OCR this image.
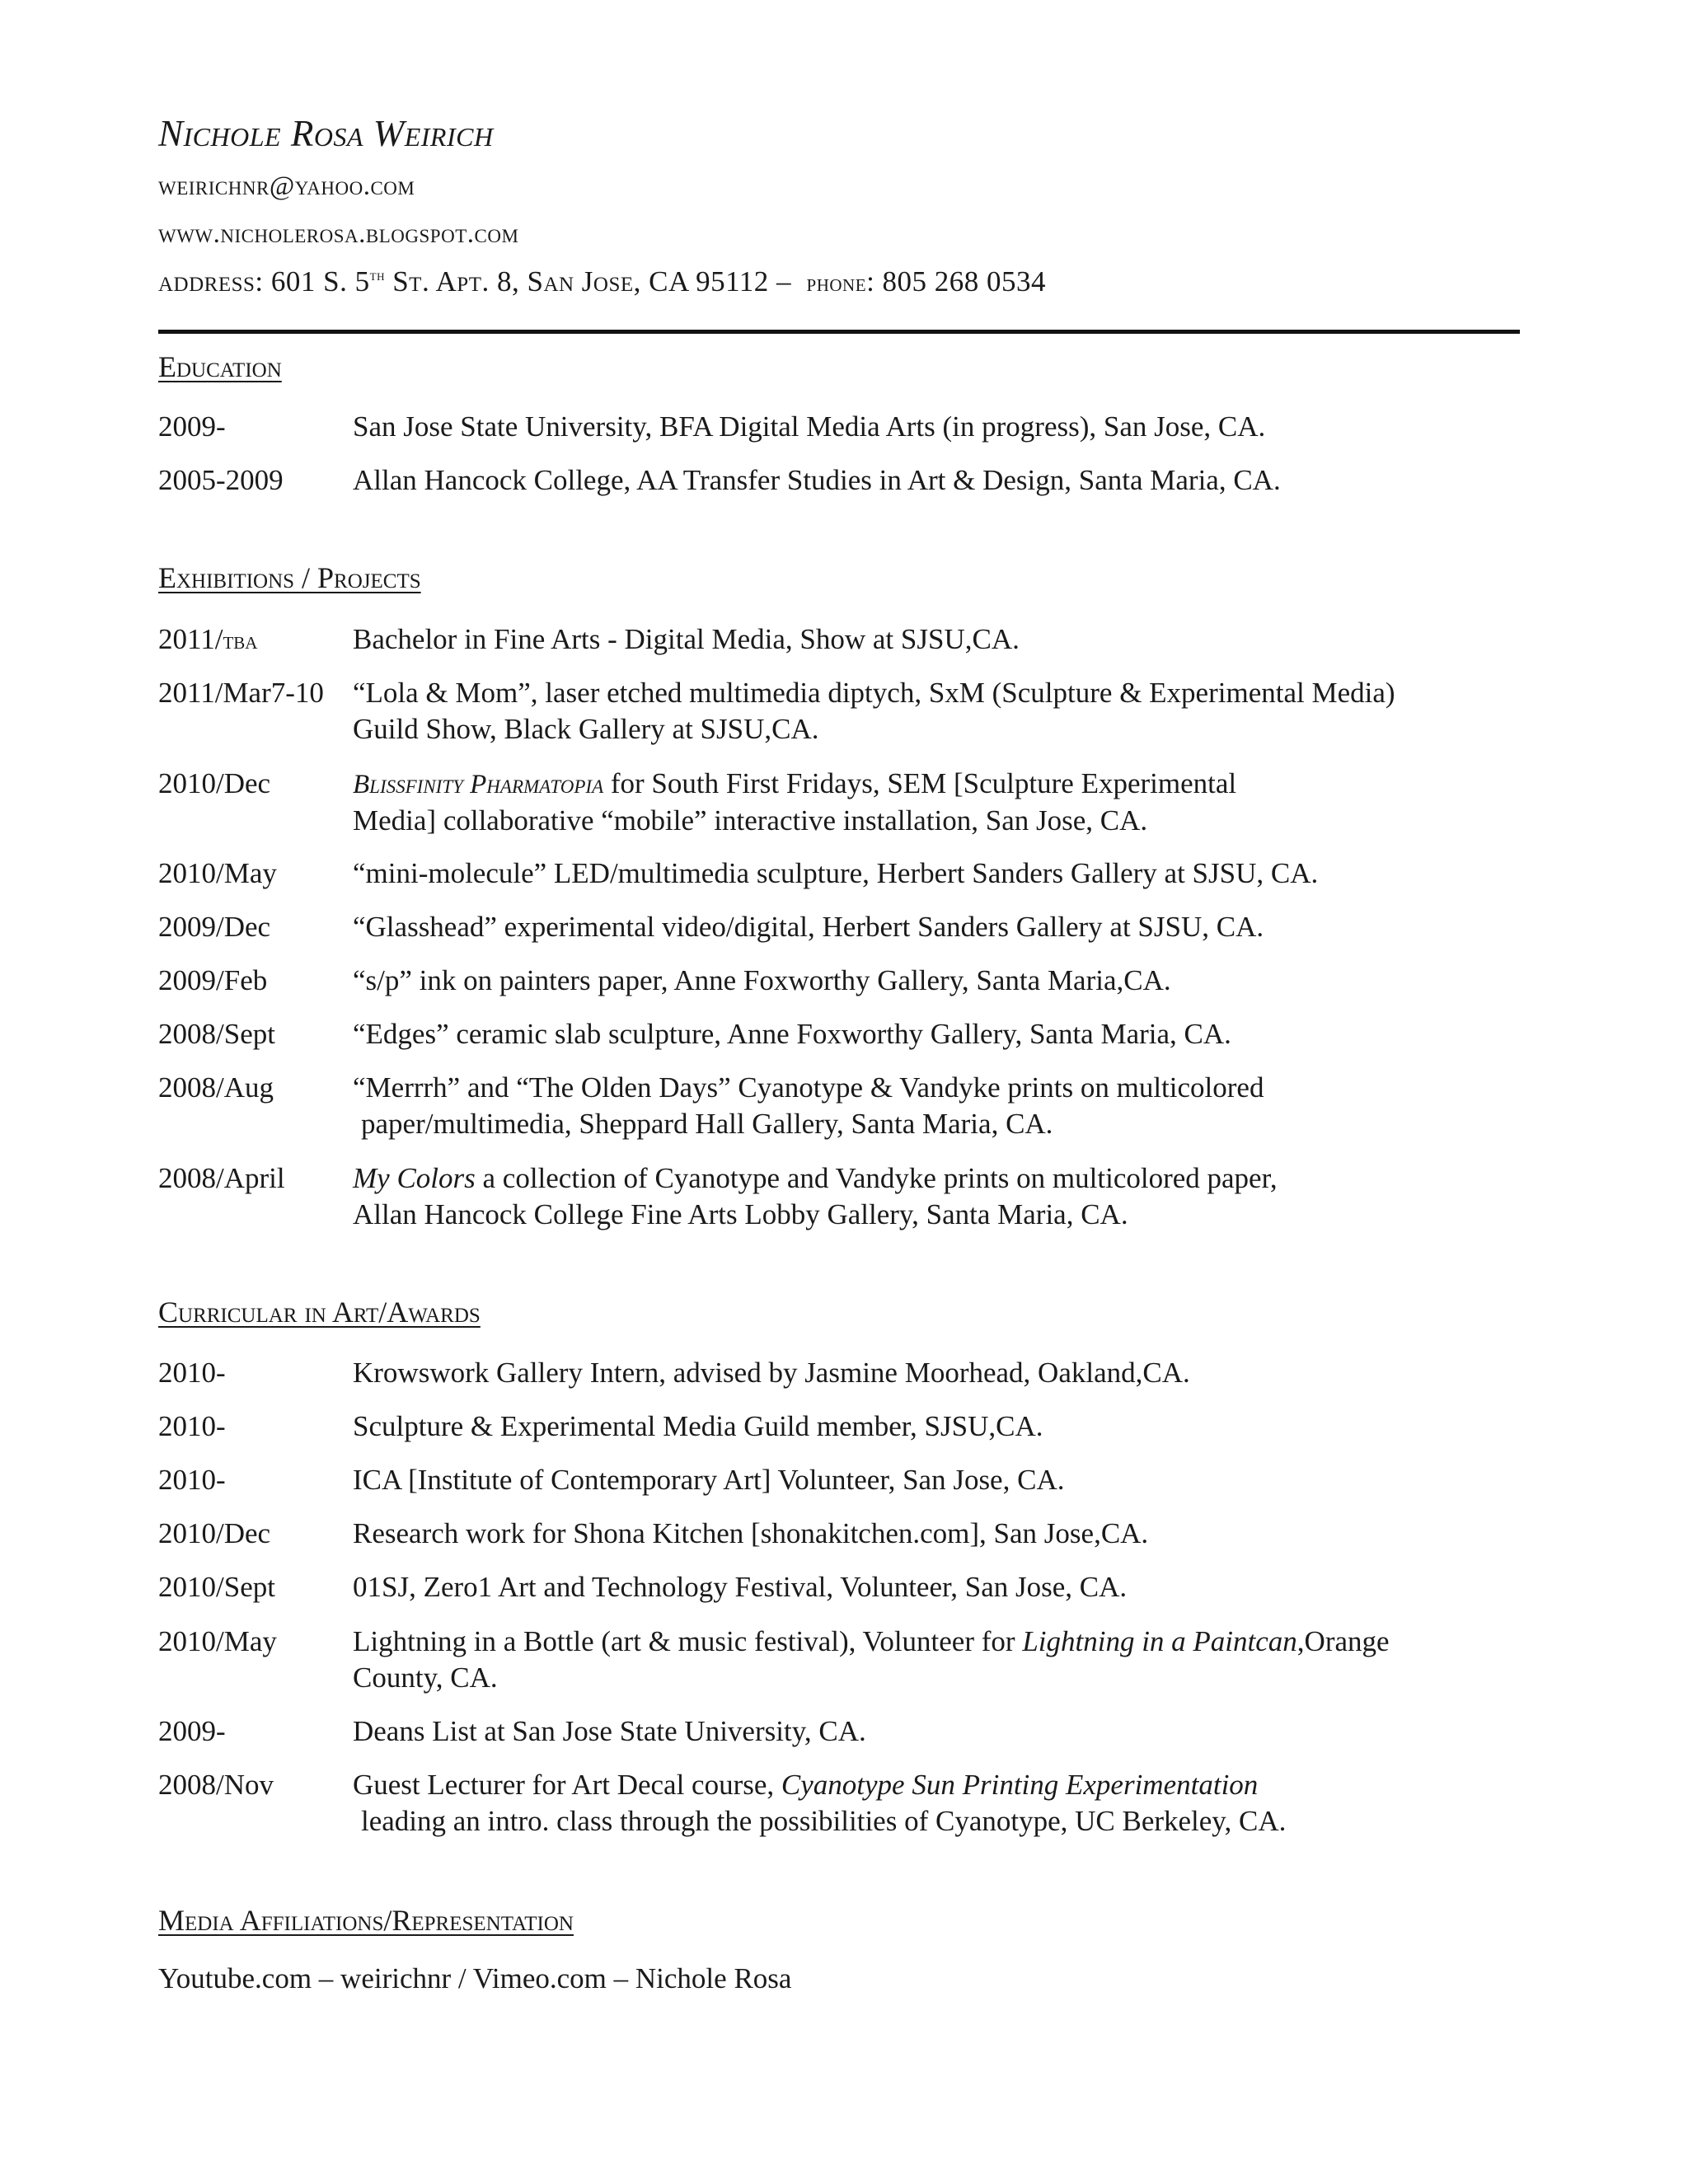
Nichole Rosa Weirich
weirichnr@yahoo.com
www.nicholerosa.blogspot.com
address: 601 S. 5th St. Apt. 8, San Jose, CA 95112 – phone: 805 268 0534
Education
2009-	San Jose State University, BFA Digital Media Arts (in progress), San Jose, CA.
2005-2009 Allan Hancock College, AA Transfer Studies in Art & Design, Santa Maria, CA.
Exhibitions / Projects
2011/tba	Bachelor in Fine Arts - Digital Media, Show at SJSU,CA.
2011/Mar7-10 “Lola & Mom”, laser etched multimedia diptych, SxM (Sculpture & Experimental Media)
Guild Show, Black Gallery at SJSU,CA.
2010/Dec	Blissfinity Pharmatopia for South First Fridays, SEM [Sculpture Experimental
Media] collaborative “mobile” interactive installation, San Jose, CA.
2010/May	“mini-molecule” LED/multimedia sculpture, Herbert Sanders Gallery at SJSU, CA.
2009/Dec	“Glasshead” experimental video/digital, Herbert Sanders Gallery at SJSU, CA.
2009/Feb	“s/p” ink on painters paper, Anne Foxworthy Gallery, Santa Maria,CA.
2008/Sept	“Edges” ceramic slab sculpture, Anne Foxworthy Gallery, Santa Maria, CA.
2008/Aug	“Merrrh” and “The Olden Days” Cyanotype & Vandyke prints on multicolored
paper/multimedia, Sheppard Hall Gallery, Santa Maria, CA.
2008/April My Colors a collection of Cyanotype and Vandyke prints on multicolored paper,
Allan Hancock College Fine Arts Lobby Gallery, Santa Maria, CA.
Curricular in Art/Awards
2010-	Krowswork Gallery Intern, advised by Jasmine Moorhead, Oakland,CA.
2010-	Sculpture & Experimental Media Guild member, SJSU,CA.
2010-	ICA [Institute of Contemporary Art] Volunteer, San Jose, CA.
2010/Dec	Research work for Shona Kitchen [shonakitchen.com], San Jose,CA.
2010/Sept	01SJ, Zero1 Art and Technology Festival, Volunteer, San Jose, CA.
2010/May	Lightning in a Bottle (art & music festival), Volunteer for Lightning in a Paintcan,Orange
County, CA.
2009-	Deans List at San Jose State University, CA.
2008/Nov	Guest Lecturer for Art Decal course, Cyanotype Sun Printing Experimentation
leading an intro. class through the possibilities of Cyanotype, UC Berkeley, CA.
Media Affiliations/Representation
Youtube.com – weirichnr / Vimeo.com – Nichole Rosa
